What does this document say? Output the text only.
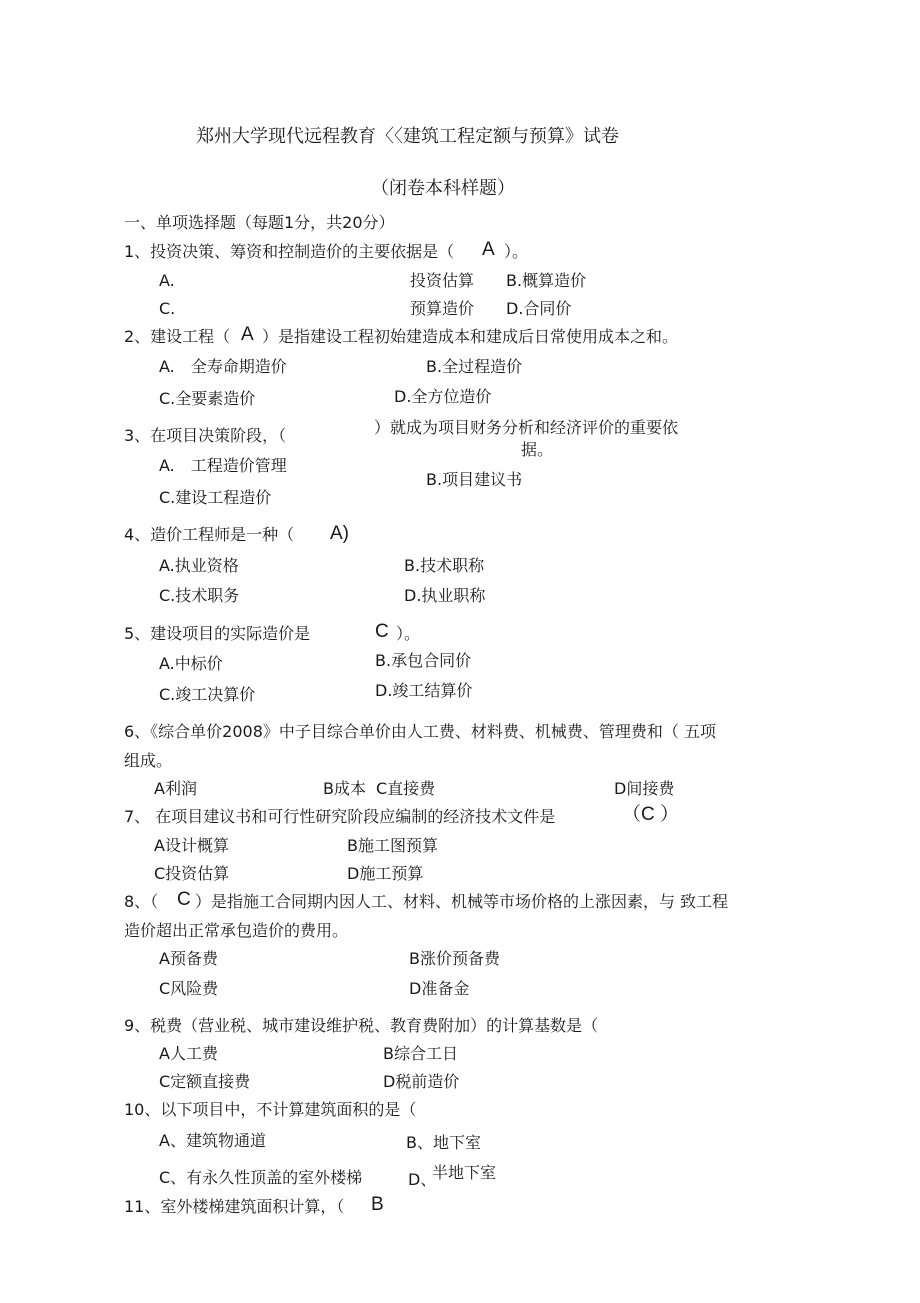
郑州大学现代远程教育〈〈建筑工程定额与预算》试卷
（闭卷本科样题）
一、单项选择题（每题1分，共20分）
1、投资决策、筹资和控制造价的主要依据是（ A ）。
A.	投资估算 B.概算造价
C.	预算造价 D.合同价
2、建设工程（ A ）是指建设工程初始建造成本和建成后日常使用成本之和。
A.　全寿命期造价	B.全过程造价
C.全要素造价	D.全方位造价
3、在项目决策阶段，（	）就成为项目财务分析和经济评价的重要依
据。
A.　工程造价管理
B.项目建议书
C.建设工程造价
4、造价工程师是一种（ A)
A.执业资格	B.技术职称
C.技术职务	D.执业职称
5、建设项目的实际造价是	C ）。
A.中标价	B.承包合同价
C.竣工决算价	D.竣工结算价
6、《综合单价2008》中子目综合单价由人工费、材料费、机械费、管理费和（ 五项
组成。
A利润	B成本 C直接费	D间接费
7、 在项目建议书和可行性研究阶段应编制的经济技术文件是	（C ）
A设计概算	B施工图预算
C投资估算	D施工预算
8、（ C ）是指施工合同期内因人工、材料、机械等市场价格的上涨因素，与 致工程
造价超出正常承包造价的费用。
A预备费	B涨价预备费
C风险费	D准备金
9、税费（营业税、城市建设维护税、教育费附加）的计算基数是（
A人工费	B综合工日
C定额直接费	D税前造价
10、以下项目中，不计算建筑面积的是（
A、建筑物通道	B、地下室
C、有永久性顶盖的室外楼梯	D、
半地下室
11、室外楼梯建筑面积计算，（ B
